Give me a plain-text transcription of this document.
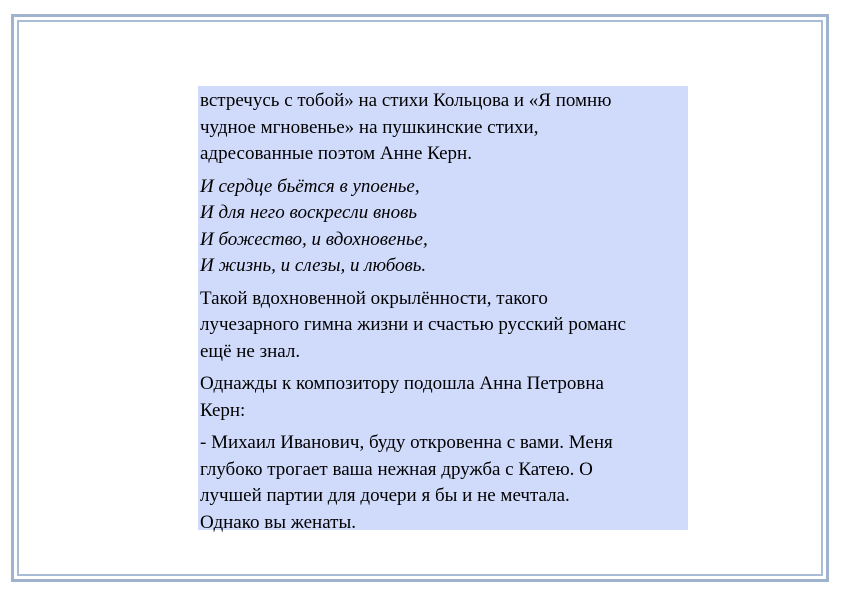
встречусь с тобой» на стихи Кольцова и «Я помню
чудное мгновенье» на пушкинские стихи,
адресованные поэтом Анне Керн.

И сердце бьётся в упоенье,
И для него воскресли вновь
И божество, и вдохновенье,
И жизнь, и слезы, и любовь.

Такой вдохновенной окрылённости, такого
лучезарного гимна жизни и счастью русский романс
ещё не знал.

Однажды к композитору подошла Анна Петровна
Керн:

- Михаил Иванович, буду откровенна с вами. Меня
глубоко трогает ваша нежная дружба с Катею. О
лучшей партии для дочери я бы и не мечтала.
Однако вы женаты.
